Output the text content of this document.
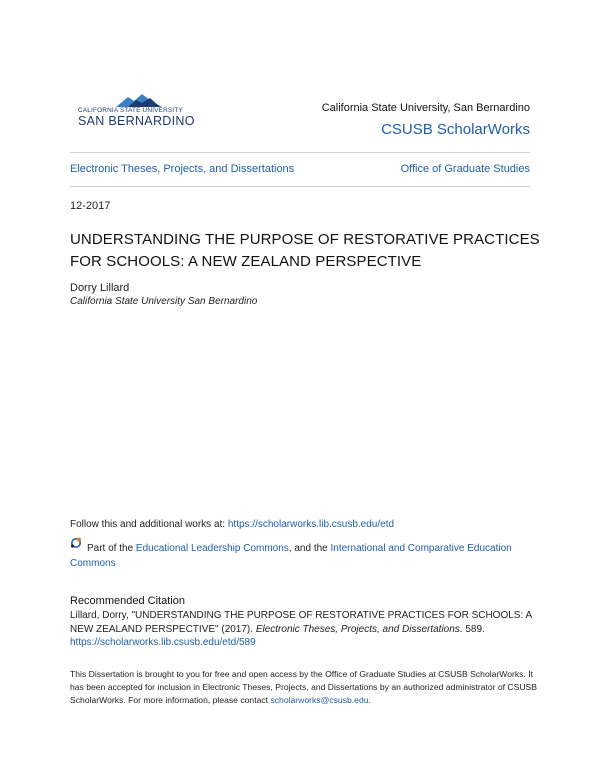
CALIFORNIA STATE UNIVERSITY
SAN BERNARDINO
California State University, San Bernardino
CSUSB ScholarWorks
Electronic Theses, Projects, and Dissertations	Office of Graduate Studies
12-2017
UNDERSTANDING THE PURPOSE OF RESTORATIVE PRACTICES FOR SCHOOLS: A NEW ZEALAND PERSPECTIVE
Dorry Lillard
California State University San Bernardino
Follow this and additional works at: https://scholarworks.lib.csusb.edu/etd
Part of the Educational Leadership Commons, and the International and Comparative Education
Commons
Recommended Citation
Lillard, Dorry, "UNDERSTANDING THE PURPOSE OF RESTORATIVE PRACTICES FOR SCHOOLS: A NEW ZEALAND PERSPECTIVE" (2017). Electronic Theses, Projects, and Dissertations. 589.
https://scholarworks.lib.csusb.edu/etd/589
This Dissertation is brought to you for free and open access by the Office of Graduate Studies at CSUSB ScholarWorks. It has been accepted for inclusion in Electronic Theses, Projects, and Dissertations by an authorized administrator of CSUSB ScholarWorks. For more information, please contact scholarworks@csusb.edu.
